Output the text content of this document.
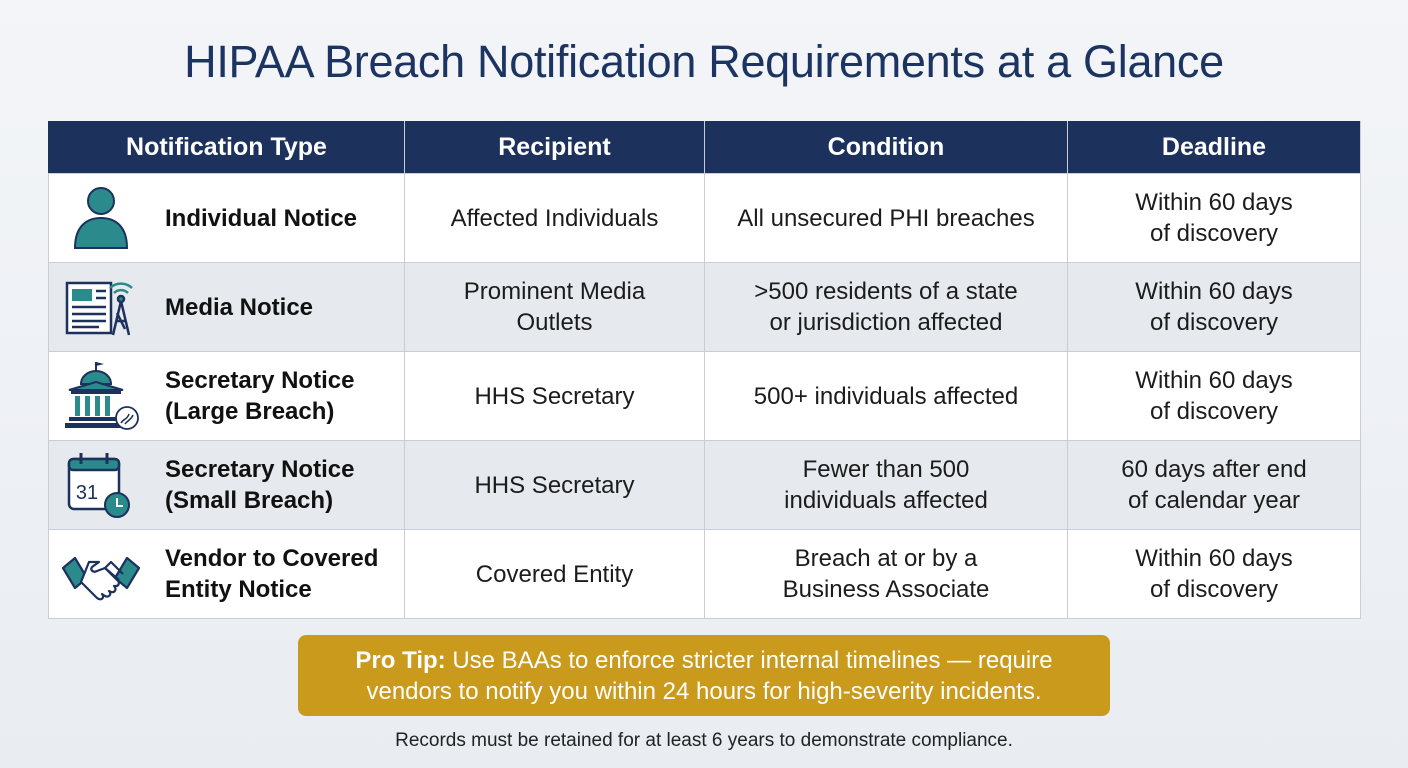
HIPAA Breach Notification Requirements at a Glance
Notification Type	Recipient	Condition	Deadline

Individual Notice	Affected Individuals	All unsecured PHI breaches	Within 60 days
of discovery

Media Notice	Prominent Media
Outlets	>500 residents of a state
or jurisdiction affected	Within 60 days
of discovery

Secretary Notice
(Large Breach)	HHS Secretary	500+ individuals affected	Within 60 days
of discovery

31
Secretary Notice
(Small Breach)	HHS Secretary	Fewer than 500
individuals affected	60 days after end
of calendar year

Vendor to Covered
Entity Notice	Covered Entity	Breach at or by a
Business Associate	Within 60 days
of discovery
Pro Tip: Use BAAs to enforce stricter internal timelines — require vendors to notify you within 24 hours for high-severity incidents.
Records must be retained for at least 6 years to demonstrate compliance.
